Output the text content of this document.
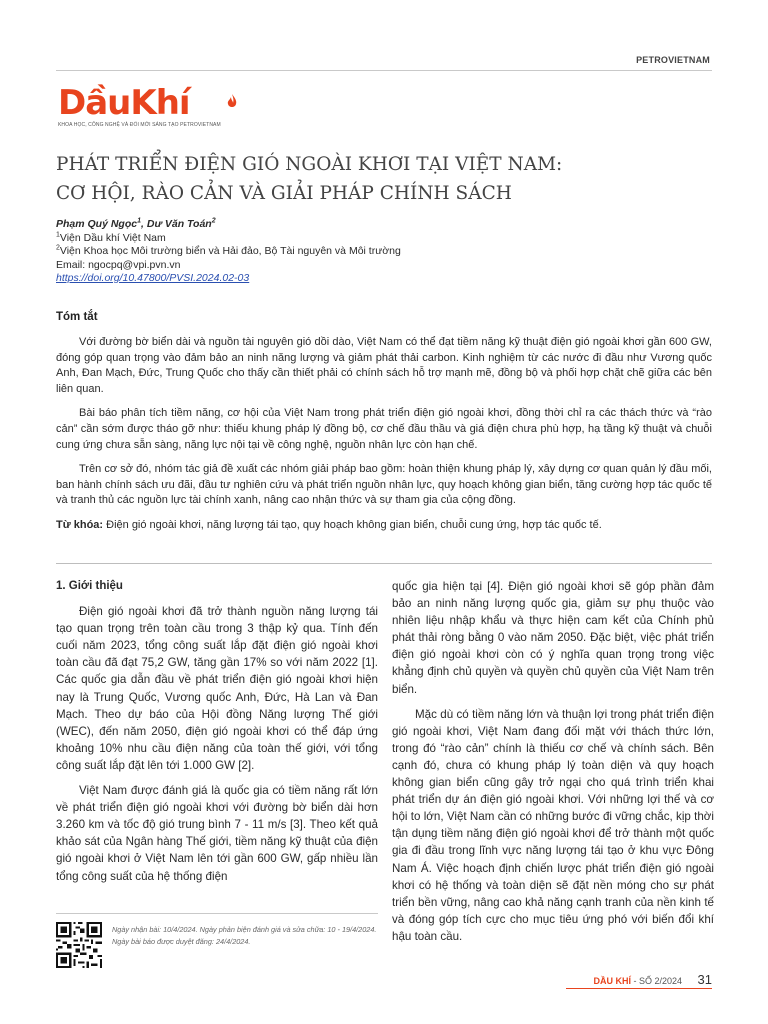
PETROVIETNAM
DầuKhí
KHOA HỌC, CÔNG NGHỆ VÀ ĐỔI MỚI SÁNG TẠO PETROVIETNAM
PHÁT TRIỂN ĐIỆN GIÓ NGOÀI KHƠI TẠI VIỆT NAM:
CƠ HỘI, RÀO CẢN VÀ GIẢI PHÁP CHÍNH SÁCH
Phạm Quý Ngọc$^1$, Dư Văn Toán$^2$
$^1$Viện Dầu khí Việt Nam
$^2$Viện Khoa học Môi trường biển và Hải đảo, Bộ Tài nguyên và Môi trường
Email: ngocpq@vpi.pvn.vn
https://doi.org/10.47800/PVSI.2024.02-03
Tóm tắt

Với đường bờ biển dài và nguồn tài nguyên gió dồi dào, Việt Nam có thể đạt tiềm năng kỹ thuật điện gió ngoài khơi gần 600 GW, đóng góp quan trọng vào đảm bảo an ninh năng lượng và giảm phát thải carbon. Kinh nghiệm từ các nước đi đầu như Vương quốc Anh, Đan Mạch, Đức, Trung Quốc cho thấy cần thiết phải có chính sách hỗ trợ mạnh mẽ, đồng bộ và phối hợp chặt chẽ giữa các bên liên quan.

Bài báo phân tích tiềm năng, cơ hội của Việt Nam trong phát triển điện gió ngoài khơi, đồng thời chỉ ra các thách thức và “rào cản” cần sớm được tháo gỡ như: thiếu khung pháp lý đồng bộ, cơ chế đầu thầu và giá điện chưa phù hợp, hạ tầng kỹ thuật và chuỗi cung ứng chưa sẵn sàng, năng lực nội tại về công nghệ, nguồn nhân lực còn hạn chế.

Trên cơ sở đó, nhóm tác giả đề xuất các nhóm giải pháp bao gồm: hoàn thiện khung pháp lý, xây dựng cơ quan quản lý đầu mối, ban hành chính sách ưu đãi, đầu tư nghiên cứu và phát triển nguồn nhân lực, quy hoạch không gian biển, tăng cường hợp tác quốc tế và tranh thủ các nguồn lực tài chính xanh, nâng cao nhận thức và sự tham gia của cộng đồng.

Từ khóa: Điện gió ngoài khơi, năng lượng tái tạo, quy hoạch không gian biển, chuỗi cung ứng, hợp tác quốc tế.

1. Giới thiệu

Điện gió ngoài khơi đã trở thành nguồn năng lượng tái tạo quan trọng trên toàn cầu trong 3 thập kỷ qua. Tính đến cuối năm 2023, tổng công suất lắp đặt điện gió ngoài khơi toàn cầu đã đạt 75,2 GW, tăng gần 17% so với năm 2022 [1]. Các quốc gia dẫn đầu về phát triển điện gió ngoài khơi hiện nay là Trung Quốc, Vương quốc Anh, Đức, Hà Lan và Đan Mạch. Theo dự báo của Hội đồng Năng lượng Thế giới (WEC), đến năm 2050, điện gió ngoài khơi có thể đáp ứng khoảng 10% nhu cầu điện năng của toàn thế giới, với tổng công suất lắp đặt lên tới 1.000 GW [2].

Việt Nam được đánh giá là quốc gia có tiềm năng rất lớn về phát triển điện gió ngoài khơi với đường bờ biển dài hơn 3.260 km và tốc độ gió trung bình 7 - 11 m/s [3]. Theo kết quả khảo sát của Ngân hàng Thế giới, tiềm năng kỹ thuật của điện gió ngoài khơi ở Việt Nam lên tới gần 600 GW, gấp nhiều lần tổng công suất của hệ thống điện

quốc gia hiện tại [4]. Điện gió ngoài khơi sẽ góp phần đảm bảo an ninh năng lượng quốc gia, giảm sự phụ thuộc vào nhiên liệu nhập khẩu và thực hiện cam kết của Chính phủ phát thải ròng bằng 0 vào năm 2050. Đặc biệt, việc phát triển điện gió ngoài khơi còn có ý nghĩa quan trọng trong việc khẳng định chủ quyền và quyền chủ quyền của Việt Nam trên biển.

Mặc dù có tiềm năng lớn và thuận lợi trong phát triển điện gió ngoài khơi, Việt Nam đang đối mặt với thách thức lớn, trong đó “rào cản” chính là thiếu cơ chế và chính sách. Bên cạnh đó, chưa có khung pháp lý toàn diện và quy hoạch không gian biển cũng gây trở ngại cho quá trình triển khai phát triển dự án điện gió ngoài khơi. Với những lợi thế và cơ hội to lớn, Việt Nam cần có những bước đi vững chắc, kịp thời tận dụng tiềm năng điện gió ngoài khơi để trở thành một quốc gia đi đầu trong lĩnh vực năng lượng tái tạo ở khu vực Đông Nam Á. Việc hoạch định chiến lược phát triển điện gió ngoài khơi có hệ thống và toàn diện sẽ đặt nền móng cho sự phát triển bền vững, nâng cao khả năng cạnh tranh của nền kinh tế và đóng góp tích cực cho mục tiêu ứng phó với biến đổi khí hậu toàn cầu.

Ngày nhận bài: 10/4/2024. Ngày phản biện đánh giá và sửa chữa: 10 - 19/4/2024.
Ngày bài báo được duyệt đăng: 24/4/2024.
DẦU KHÍ - SỐ 2/2024 31
